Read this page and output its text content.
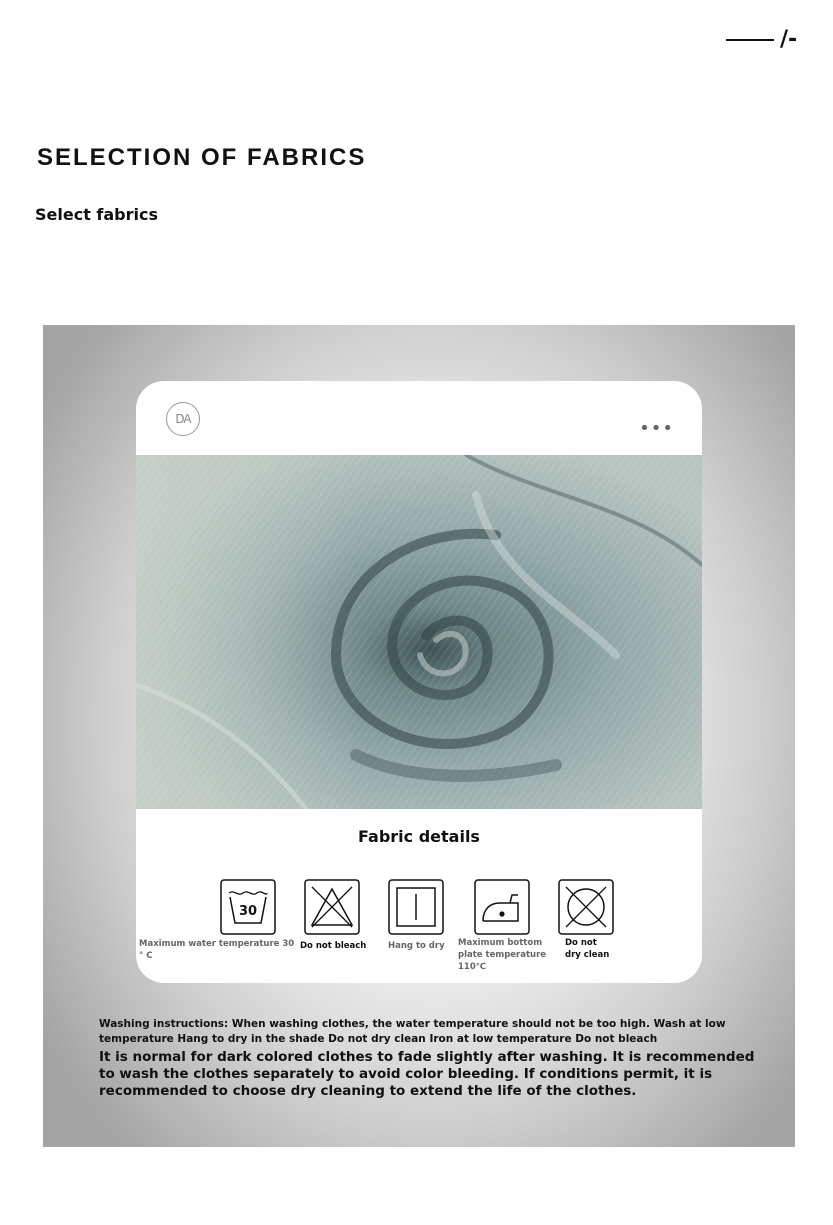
/-
SELECTION OF FABRICS
Select fabrics
DA	•••
Fabric details
30
Maximum water temperature 30 ° C
Do not bleach	Hang to dry	Maximum bottom plate temperature 110℃
Do not dry clean
Washing instructions: When washing clothes, the water temperature should not be too high. Wash at low temperature Hang to dry in the shade Do not dry clean Iron at low temperature Do not bleach
It is normal for dark colored clothes to fade slightly after washing. It is recommended to wash the clothes separately to avoid color bleeding. If conditions permit, it is recommended to choose dry cleaning to extend the life of the clothes.
